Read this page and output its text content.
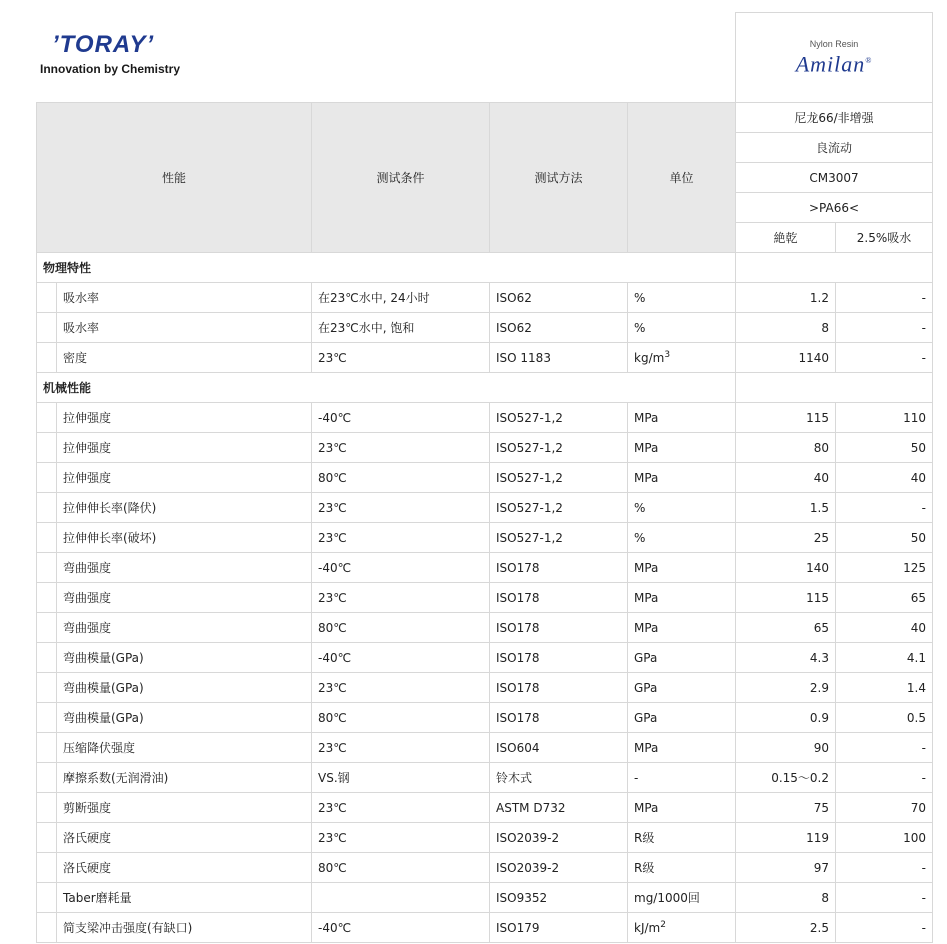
’TORAY’
Innovation by Chemistry

					Nylon Resin
Amilan®

性能		测试条件	测试方法	单位	尼龙66/非增强	
					良流动	
					CM3007	
					>PA66<	
					絶乾	2.5%吸水
物理特性						
	吸水率	在23℃水中, 24小时	ISO62	%	1.2	-
	吸水率	在23℃水中, 饱和	ISO62	%	8	-
	密度	23℃	ISO 1183	$kg/m^3$	1140	-
机械性能						
	拉伸强度	-40℃	ISO527-1,2	MPa	115	110
	拉伸强度	23℃	ISO527-1,2	MPa	80	50
	拉伸强度	80℃	ISO527-1,2	MPa	40	40
	拉伸伸长率(降伏)	23℃	ISO527-1,2	%	1.5	-
	拉伸伸长率(破坏)	23℃	ISO527-1,2	%	25	50
	弯曲强度	-40℃	ISO178	MPa	140	125
	弯曲强度	23℃	ISO178	MPa	115	65
	弯曲强度	80℃	ISO178	MPa	65	40
	弯曲模量(GPa)	-40℃	ISO178	GPa	4.3	4.1
	弯曲模量(GPa)	23℃	ISO178	GPa	2.9	1.4
	弯曲模量(GPa)	80℃	ISO178	GPa	0.9	0.5
	压缩降伏强度	23℃	ISO604	MPa	90	-
	摩擦系数(无润滑油)	VS.钢	铃木式	-	0.15～0.2	-
	剪断强度	23℃	ASTM D732	MPa	75	70
	洛氏硬度	23℃	ISO2039-2	R级	119	100
	洛氏硬度	80℃	ISO2039-2	R级	97	-
	Taber磨耗量		ISO9352	mg/1000回	8	-
	简支梁冲击强度(有缺口)	-40℃	ISO179	$kJ/m^2$	2.5	-
